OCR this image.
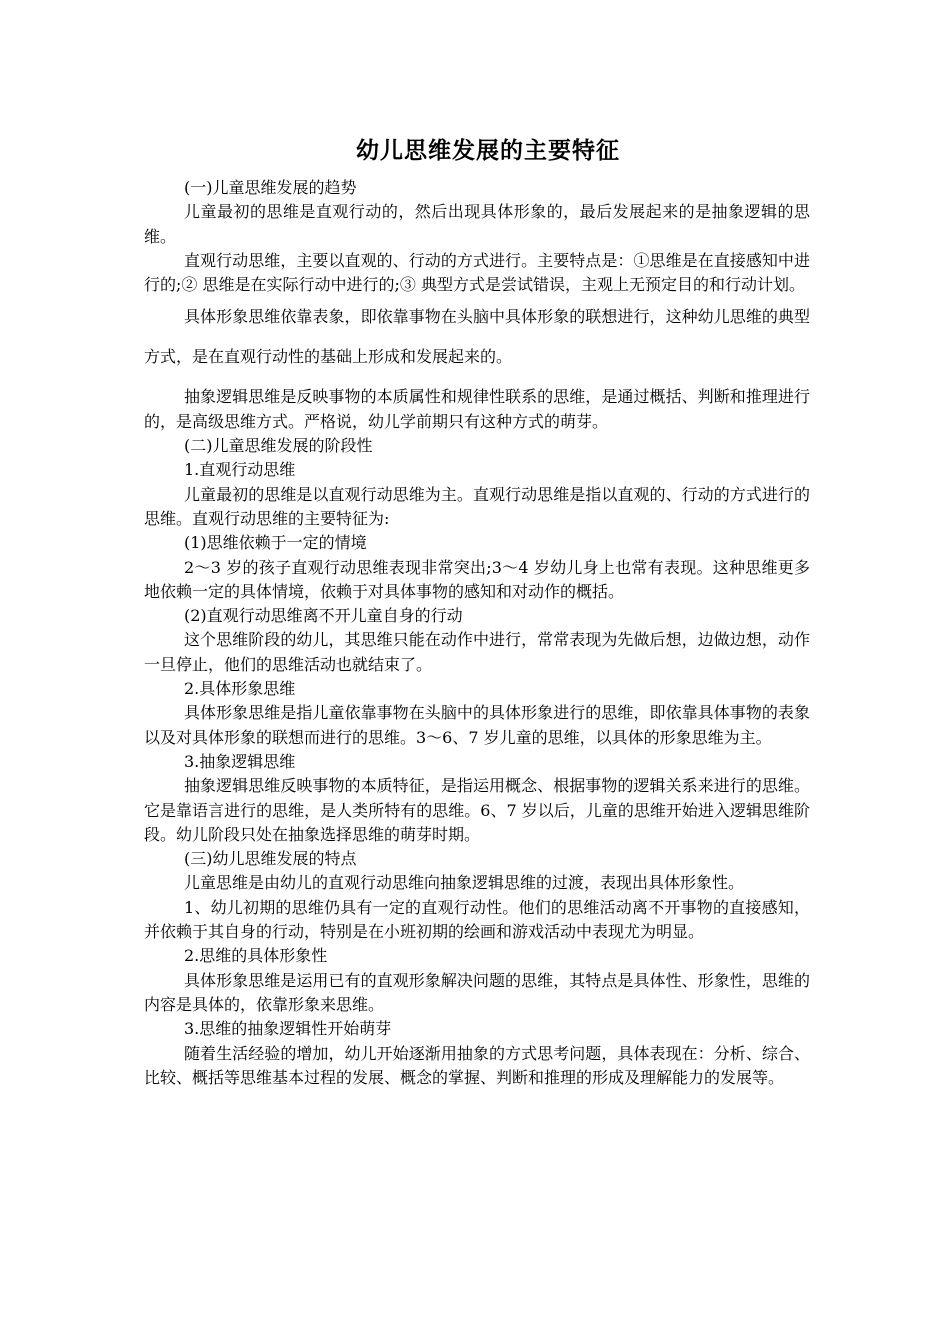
幼儿思维发展的主要特征

(一)儿童思维发展的趋势

儿童最初的思维是直观行动的，然后出现具体形象的，最后发展起来的是抽象逻辑的思维。

直观行动思维，主要以直观的、行动的方式进行。主要特点是：①思维是在直接感知中进行的;② 思维是在实际行动中进行的;③ 典型方式是尝试错误，主观上无预定目的和行动计划。

具体形象思维依靠表象，即依靠事物在头脑中具体形象的联想进行，这种幼儿思维的典型方式，是在直观行动性的基础上形成和发展起来的。

抽象逻辑思维是反映事物的本质属性和规律性联系的思维，是通过概括、判断和推理进行的，是高级思维方式。严格说，幼儿学前期只有这种方式的萌芽。

(二)儿童思维发展的阶段性

1.直观行动思维

儿童最初的思维是以直观行动思维为主。直观行动思维是指以直观的、行动的方式进行的思维。直观行动思维的主要特征为:

(1)思维依赖于一定的情境

2～3 岁的孩子直观行动思维表现非常突出;3～4 岁幼儿身上也常有表现。这种思维更多地依赖一定的具体情境，依赖于对具体事物的感知和对动作的概括。

(2)直观行动思维离不开儿童自身的行动

这个思维阶段的幼儿，其思维只能在动作中进行，常常表现为先做后想，边做边想，动作一旦停止，他们的思维活动也就结束了。

2.具体形象思维

具体形象思维是指儿童依靠事物在头脑中的具体形象进行的思维，即依靠具体事物的表象以及对具体形象的联想而进行的思维。3～6、7 岁儿童的思维，以具体的形象思维为主。

3.抽象逻辑思维

抽象逻辑思维反映事物的本质特征，是指运用概念、根据事物的逻辑关系来进行的思维。它是靠语言进行的思维，是人类所特有的思维。6、7 岁以后，儿童的思维开始进入逻辑思维阶段。幼儿阶段只处在抽象选择思维的萌芽时期。

(三)幼儿思维发展的特点

儿童思维是由幼儿的直观行动思维向抽象逻辑思维的过渡，表现出具体形象性。

1、幼儿初期的思维仍具有一定的直观行动性。他们的思维活动离不开事物的直接感知，并依赖于其自身的行动，特别是在小班初期的绘画和游戏活动中表现尤为明显。

2.思维的具体形象性

具体形象思维是运用已有的直观形象解决问题的思维，其特点是具体性、形象性，思维的内容是具体的，依靠形象来思维。

3.思维的抽象逻辑性开始萌芽

随着生活经验的增加，幼儿开始逐渐用抽象的方式思考问题，具体表现在：分析、综合、比较、概括等思维基本过程的发展、概念的掌握、判断和推理的形成及理解能力的发展等。
